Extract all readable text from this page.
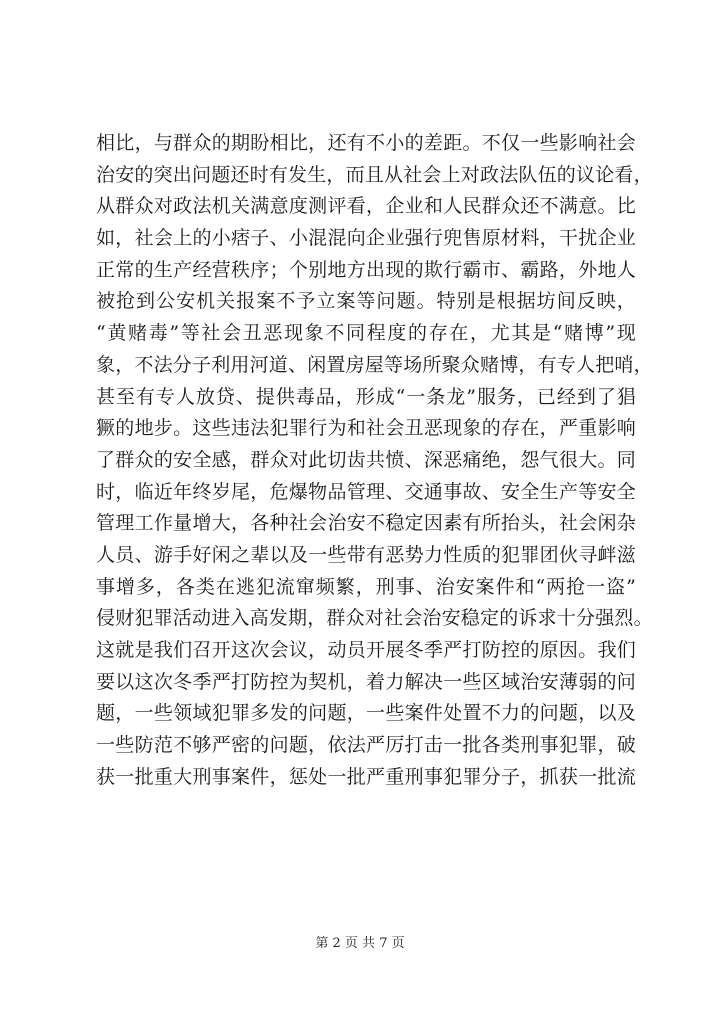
相比，与群众的期盼相比，还有不小的差距。不仅一些影响社会
治安的突出问题还时有发生，而且从社会上对政法队伍的议论看，
从群众对政法机关满意度测评看，企业和人民群众还不满意。比
如，社会上的小痞子、小混混向企业强行兜售原材料，干扰企业
正常的生产经营秩序；个别地方出现的欺行霸市、霸路，外地人
被抢到公安机关报案不予立案等问题。特别是根据坊间反映，
“黄赌毒”等社会丑恶现象不同程度的存在，尤其是“赌博”现
象，不法分子利用河道、闲置房屋等场所聚众赌博，有专人把哨，
甚至有专人放贷、提供毒品，形成“一条龙”服务，已经到了猖
獗的地步。这些违法犯罪行为和社会丑恶现象的存在，严重影响
了群众的安全感，群众对此切齿共愤、深恶痛绝，怨气很大。同
时，临近年终岁尾，危爆物品管理、交通事故、安全生产等安全
管理工作量增大，各种社会治安不稳定因素有所抬头，社会闲杂
人员、游手好闲之辈以及一些带有恶势力性质的犯罪团伙寻衅滋
事增多，各类在逃犯流窜频繁，刑事、治安案件和“两抢一盗”
侵财犯罪活动进入高发期，群众对社会治安稳定的诉求十分强烈。
这就是我们召开这次会议，动员开展冬季严打防控的原因。我们
要以这次冬季严打防控为契机，着力解决一些区域治安薄弱的问
题，一些领域犯罪多发的问题，一些案件处置不力的问题，以及
一些防范不够严密的问题，依法严厉打击一批各类刑事犯罪，破
获一批重大刑事案件，惩处一批严重刑事犯罪分子，抓获一批流
第 2 页 共 7 页
